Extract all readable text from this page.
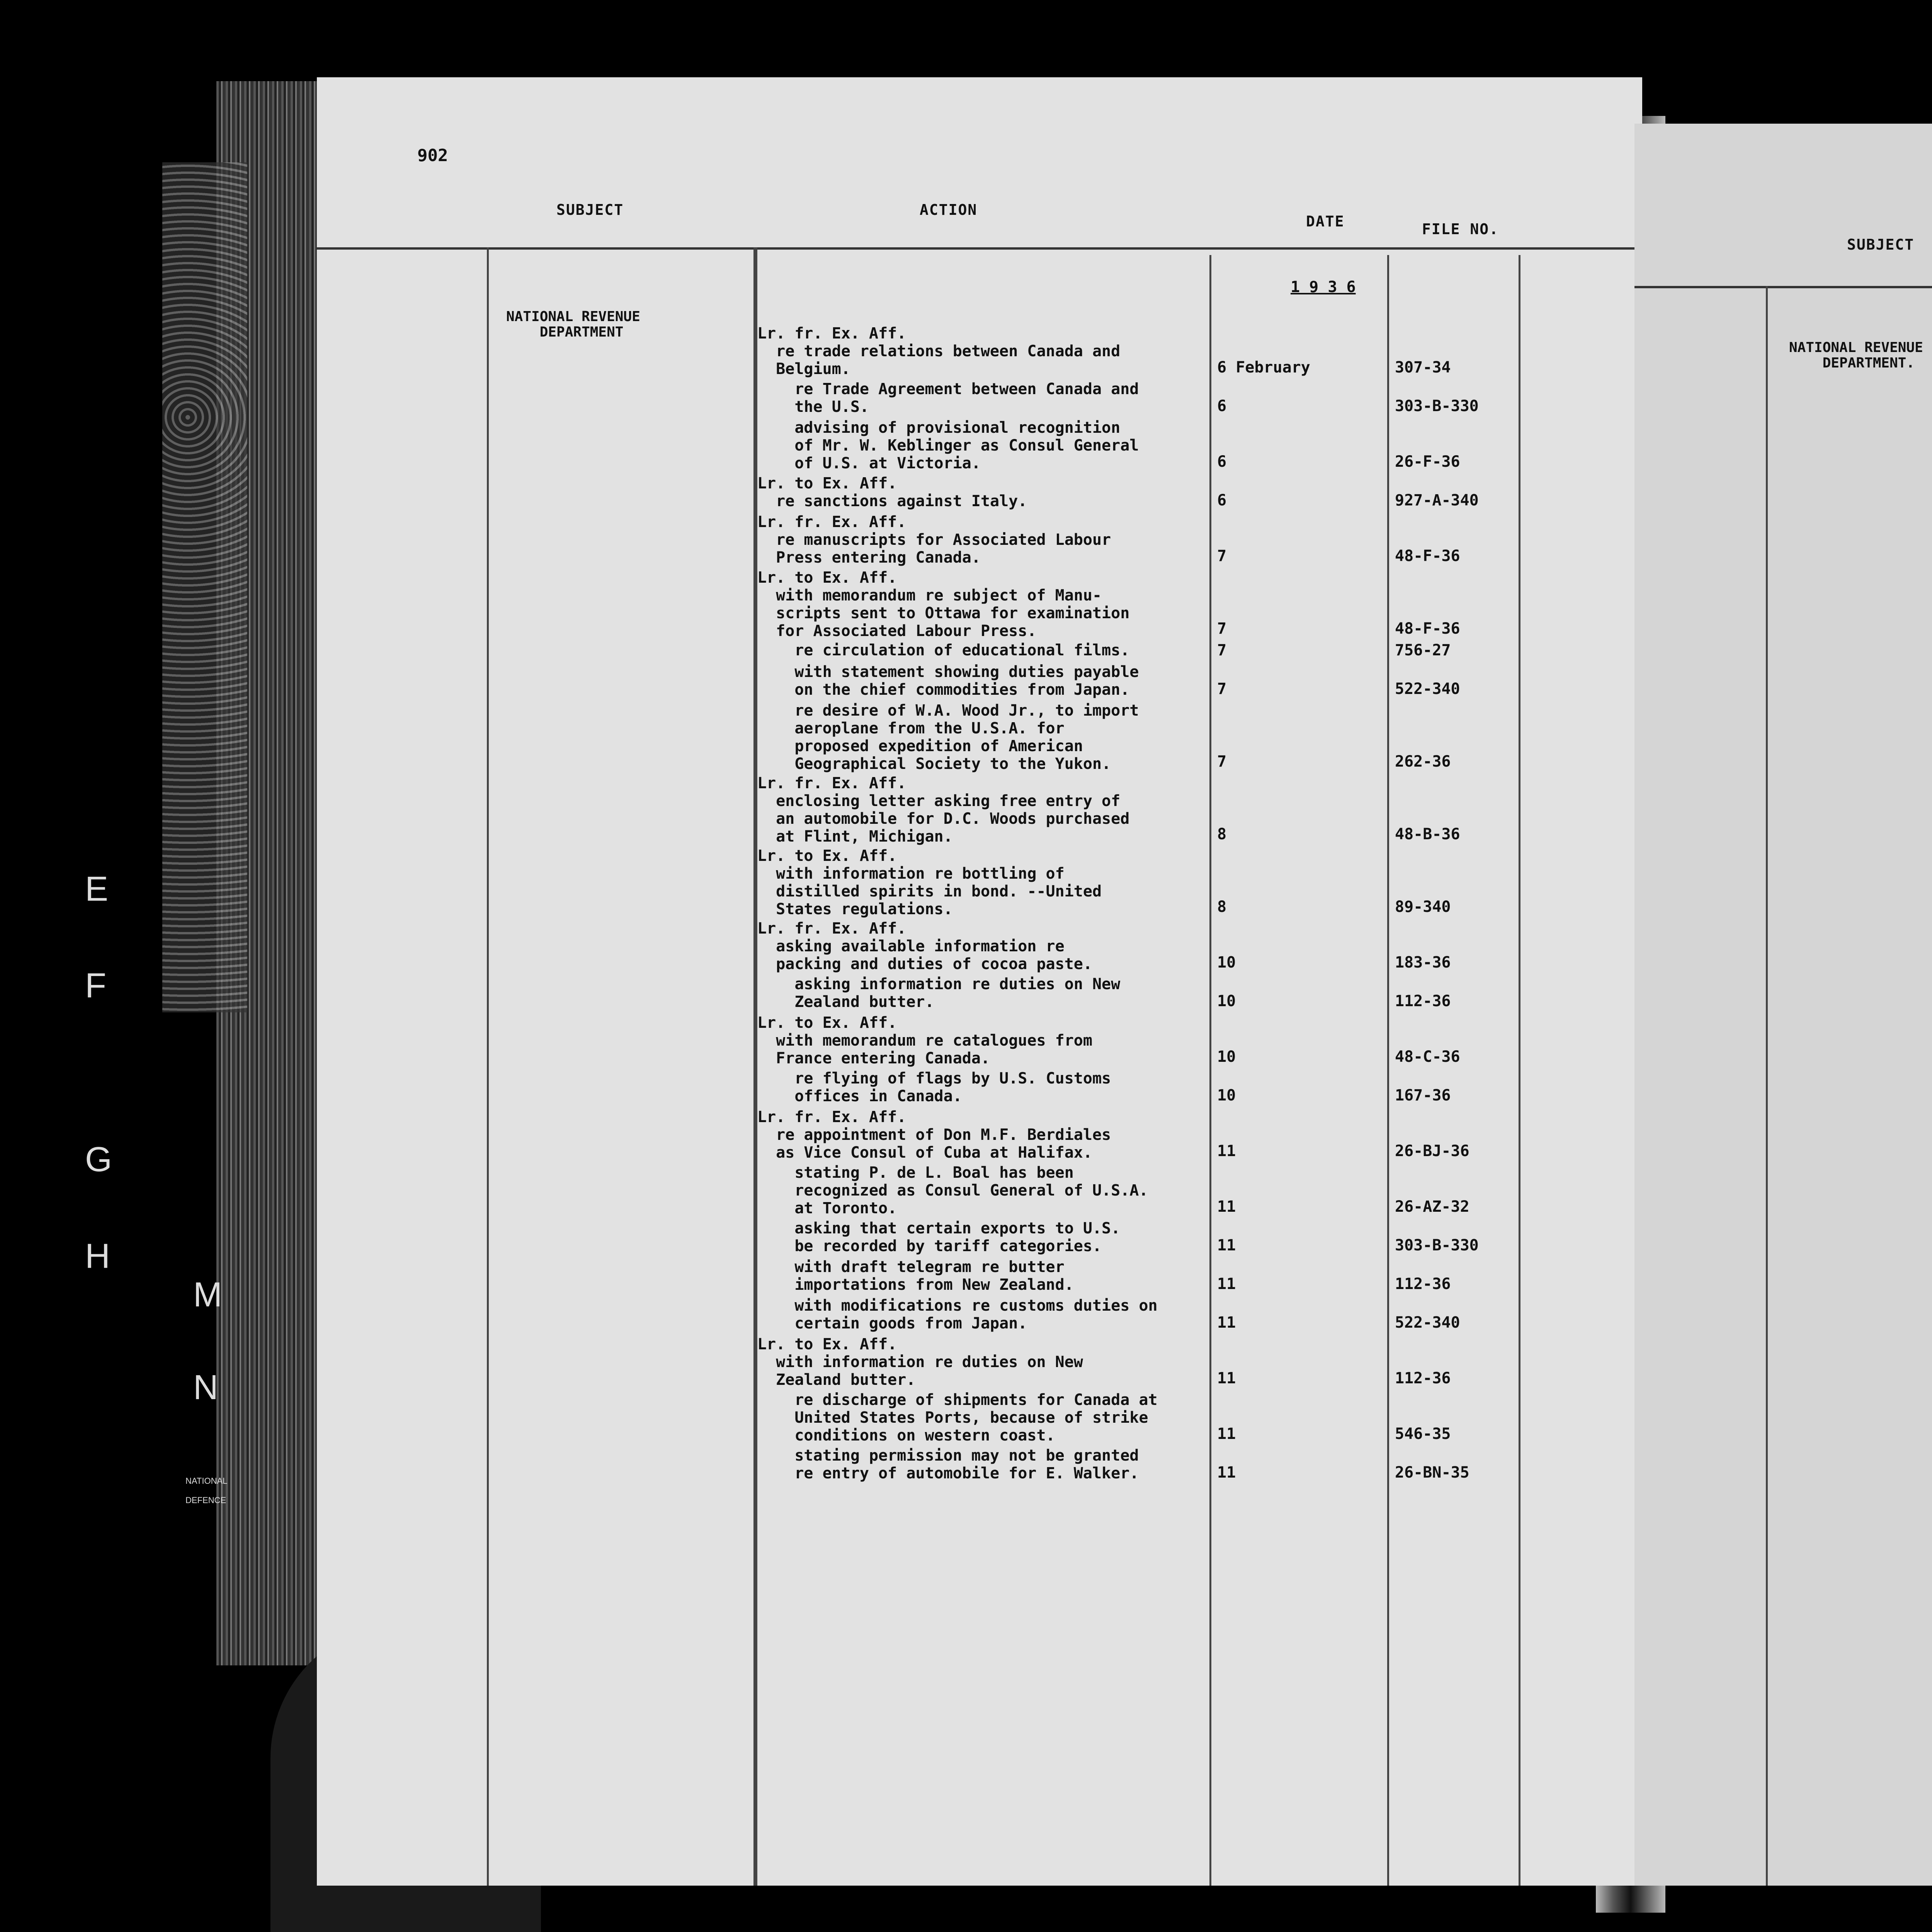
E
F
G
H
M
N
NATIONAL
DEFENCE
902
SUBJECT	ACTION
DATE	FILE NO.
1 9 3 6
NATIONAL REVENUE
DEPARTMENT	Lr. fr. Ex. Aff.
re trade relations between Canada and
Belgium.	6 February	307-34
re Trade Agreement between Canada and
the U.S.	6	303-B-330
advising of provisional recognition
of Mr. W. Keblinger as Consul General
of U.S. at Victoria.	6	26-F-36
Lr. to Ex. Aff.
re sanctions against Italy.	6	927-A-340
Lr. fr. Ex. Aff.
re manuscripts for Associated Labour
Press entering Canada.	7	48-F-36
Lr. to Ex. Aff.
with memorandum re subject of Manu-
scripts sent to Ottawa for examination
for Associated Labour Press.	7	48-F-36
re circulation of educational films.	7	756-27
with statement showing duties payable
on the chief commodities from Japan.	7	522-340
re desire of W.A. Wood Jr., to import
aeroplane from the U.S.A. for
proposed expedition of American
Geographical Society to the Yukon.	7	262-36
Lr. fr. Ex. Aff.
enclosing letter asking free entry of
an automobile for D.C. Woods purchased
at Flint, Michigan.	8	48-B-36
Lr. to Ex. Aff.
with information re bottling of
distilled spirits in bond. --United
States regulations.	8	89-340
Lr. fr. Ex. Aff.
asking available information re
packing and duties of cocoa paste.	10	183-36
asking information re duties on New
Zealand butter.	10	112-36
Lr. to Ex. Aff.
with memorandum re catalogues from
France entering Canada.	10	48-C-36
re flying of flags by U.S. Customs
offices in Canada.	10	167-36
Lr. fr. Ex. Aff.
re appointment of Don M.F. Berdiales
as Vice Consul of Cuba at Halifax.	11	26-BJ-36
stating P. de L. Boal has been
recognized as Consul General of U.S.A.
at Toronto.	11	26-AZ-32
asking that certain exports to U.S.
be recorded by tariff categories.	11	303-B-330
with draft telegram re butter
importations from New Zealand.	11	112-36
with modifications re customs duties on
certain goods from Japan.	11	522-340
Lr. to Ex. Aff.
with information re duties on New
Zealand butter.	11	112-36
re discharge of shipments for Canada at
United States Ports, because of strike
conditions on western coast.	11	546-35
stating permission may not be granted
re entry of automobile for E. Walker.	11	26-BN-35
SUBJECT
NATIONAL REVENUE
DEPARTMENT.
